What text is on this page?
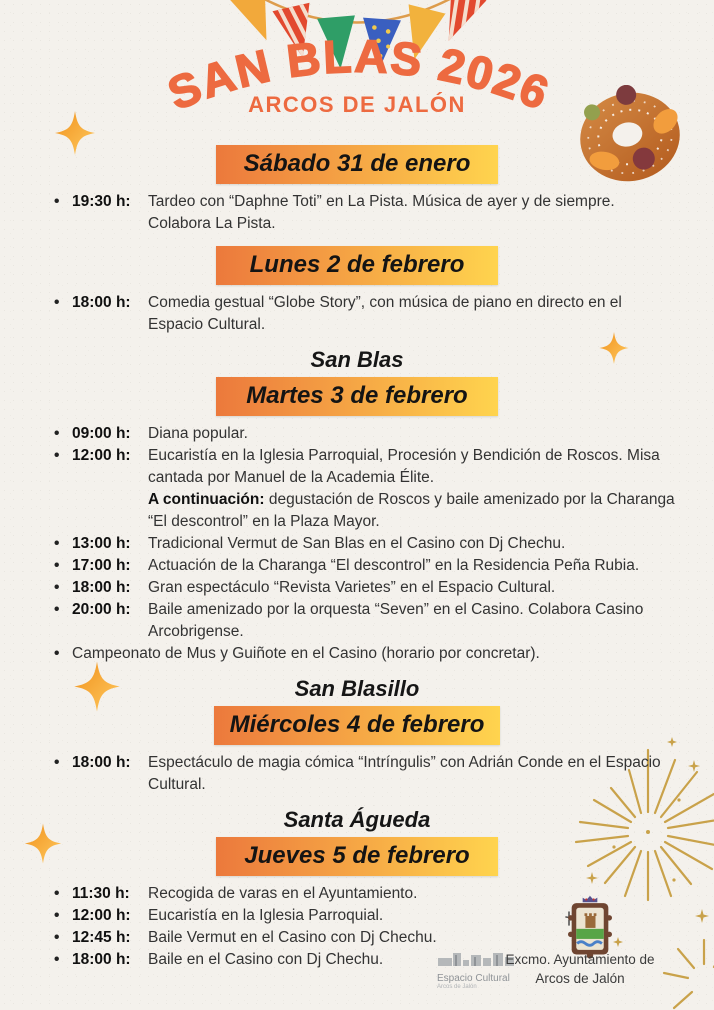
SAN BLAS 2026
ARCOS DE JALÓN
Sábado 31 de enero
• 19:30 h:	Tardeo con “Daphne Toti” en La Pista. Música de ayer y de siempre. Colabora La Pista.
Lunes 2 de febrero
• 18:00 h:	Comedia gestual “Globe Story”, con música de piano en directo en el Espacio Cultural.
San Blas
Martes 3 de febrero
• 09:00 h:	Diana popular.
• 12:00 h:	Eucaristía en la Iglesia Parroquial, Procesión y Bendición de Roscos. Misa cantada por Manuel de la Academia Élite.
A continuación: degustación de Roscos y baile amenizado por la Charanga “El descontrol” en la Plaza Mayor.
• 13:00 h:	Tradicional Vermut de San Blas en el Casino con Dj Chechu.
• 17:00 h:	Actuación de la Charanga “El descontrol” en la Residencia Peña Rubia.
• 18:00 h:	Gran espectáculo “Revista Varietes” en el Espacio Cultural.
• 20:00 h:	Baile amenizado por la orquesta “Seven” en el Casino. Colabora Casino Arcobrigense.
• Campeonato de Mus y Guiñote en el Casino (horario por concretar).
San Blasillo
Miércoles 4 de febrero
• 18:00 h:	Espectáculo de magia cómica “Intríngulis” con Adrián Conde en el Espacio Cultural.
Santa Águeda
Jueves 5 de febrero
• 11:30 h:	Recogida de varas en el Ayuntamiento.
• 12:00 h:	Eucaristía en la Iglesia Parroquial.
• 12:45 h:	Baile Vermut en el Casino con Dj Chechu.
• 18:00 h:	Baile en el Casino con Dj Chechu.
Espacio Cultural
Arcos de Jalón
Excmo. Ayuntamiento de
Arcos de Jalón
